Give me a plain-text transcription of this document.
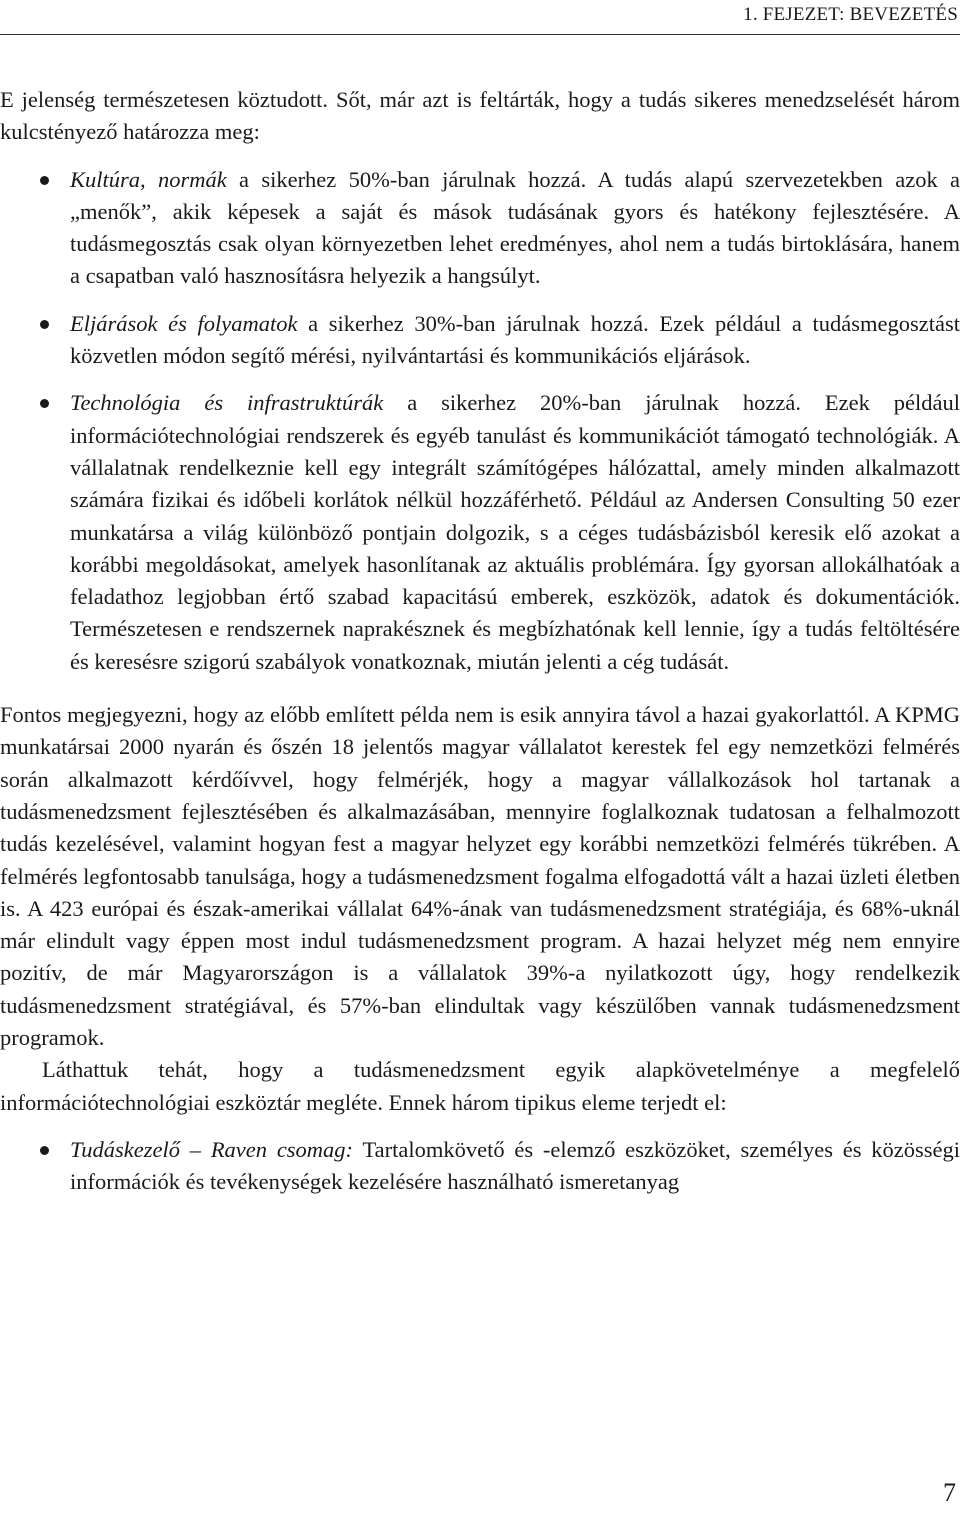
1. FEJEZET: BEVEZETÉS

E jelenség természetesen köztudott. Sőt, már azt is feltárták, hogy a tudás sikeres menedzselését három kulcstényező határozza meg:

Kultúra, normák a sikerhez 50%-ban járulnak hozzá. A tudás alapú szervezetekben azok a „menők”, akik képesek a saját és mások tudásának gyors és hatékony fejlesztésére. A tudásmegosztás csak olyan környezetben lehet eredményes, ahol nem a tudás birtoklására, hanem a csapatban való hasznosításra helyezik a hangsúlyt.
Eljárások és folyamatok a sikerhez 30%-ban járulnak hozzá. Ezek például a tudásmegosztást közvetlen módon segítő mérési, nyilvántartási és kommunikációs eljárások.
Technológia és infrastruktúrák a sikerhez 20%-ban járulnak hozzá. Ezek például információtechnológiai rendszerek és egyéb tanulást és kommunikációt támogató technológiák. A vállalatnak rendelkeznie kell egy integrált számítógépes hálózattal, amely minden alkalmazott számára fizikai és időbeli korlátok nélkül hozzáférhető. Például az Andersen Consulting 50 ezer munkatársa a világ különböző pontjain dolgozik, s a céges tudásbázisból keresik elő azokat a korábbi megoldásokat, amelyek hasonlítanak az aktuális problémára. Így gyorsan allokálhatóak a feladathoz legjobban értő szabad kapacitású emberek, eszközök, adatok és dokumentációk. Természetesen e rendszernek naprakésznek és megbízhatónak kell lennie, így a tudás feltöltésére és keresésre szigorú szabályok vonatkoznak, miután jelenti a cég tudását.

Fontos megjegyezni, hogy az előbb említett példa nem is esik annyira távol a hazai gyakorlattól. A KPMG munkatársai 2000 nyarán és őszén 18 jelentős magyar vállalatot kerestek fel egy nemzetközi felmérés során alkalmazott kérdőívvel, hogy felmérjék, hogy a magyar vállalkozások hol tartanak a tudásmenedzsment fejlesztésében és alkalmazásában, mennyire foglalkoznak tudatosan a felhalmozott tudás kezelésével, valamint hogyan fest a magyar helyzet egy korábbi nemzetközi felmérés tükrében. A felmérés legfontosabb tanulsága, hogy a tudásmenedzsment fogalma elfogadottá vált a hazai üzleti életben is. A 423 európai és észak-amerikai vállalat 64%-ának van tudásmenedzsment stratégiája, és 68%-uknál már elindult vagy éppen most indul tudásmenedzsment program. A hazai helyzet még nem ennyire pozitív, de már Magyarországon is a vállalatok 39%-a nyilatkozott úgy, hogy rendelkezik tudásmenedzsment stratégiával, és 57%-ban elindultak vagy készülőben vannak tudásmenedzsment programok.

Láthattuk tehát, hogy a tudásmenedzsment egyik alapkövetelménye a megfelelő információtechnológiai eszköztár megléte. Ennek három tipikus eleme terjedt el:

Tudáskezelő – Raven csomag: Tartalomkövető és -elemző eszközöket, személyes és közösségi információk és tevékenységek kezelésére használható ismeretanyag
7
